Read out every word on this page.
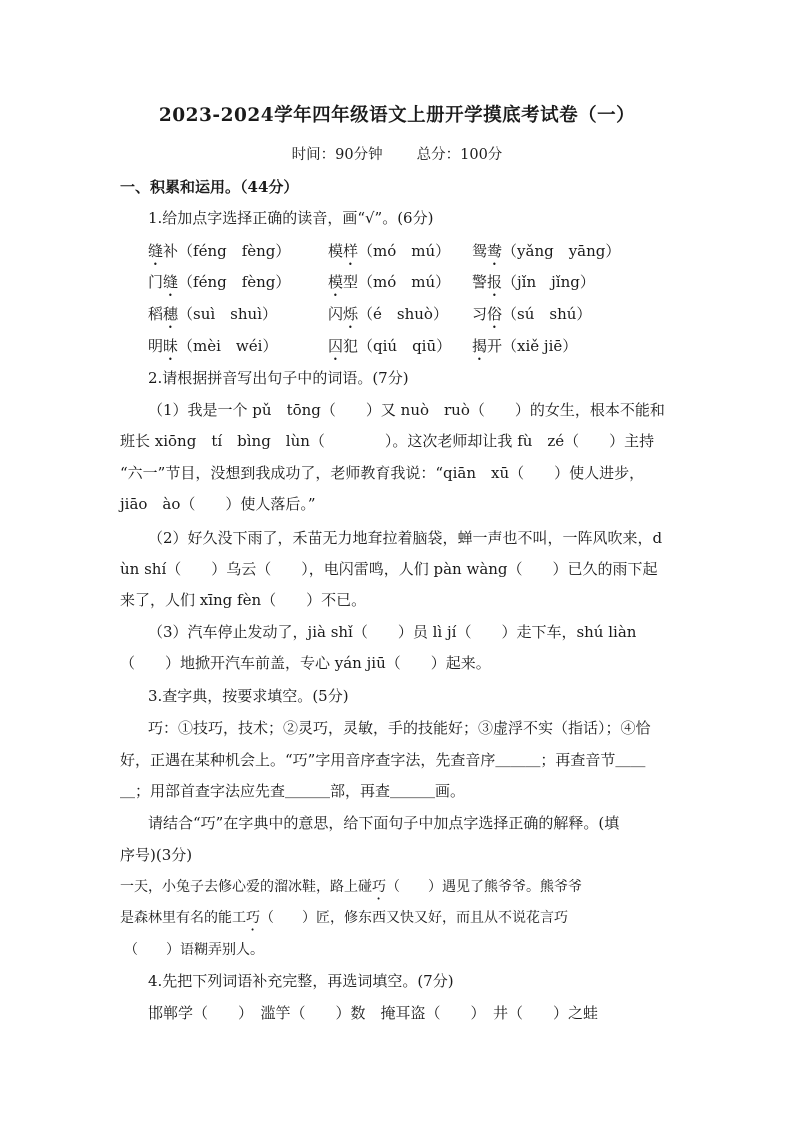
2023-2024学年四年级语文上册开学摸底考试卷（一）
时间：90分钟 总分：100分
一、积累和运用。（44分）
1.给加点字选择正确的读音，画“√”。(6分)
缝补（féng　fèng）	模样（mó　mú） 鸳鸯（yǎng　yāng）
门缝（féng　fèng）	模型（mó　mú） 警报（jǐn　jǐng）
稻穗（suì　shuì）	闪烁（é　shuò） 习俗（sú　shú）
明昧（mèi　wéi）	囚犯（qiú　qiū） 揭开（xiě jiē）
2.请根据拼音写出句子中的词语。(7分)
（1）我是一个 pǔ　tōng（　　）又 nuò　ruò（　　）的女生，根本不能和
班长 xiōng　tí　bìng　lùn（　　　　）。这次老师却让我 fù　zé（　　）主持
“六一”节目，没想到我成功了，老师教育我说：“qiān　xū（　　）使人进步，
jiāo　ào（　　）使人落后。”
（2）好久没下雨了，禾苗无力地耷拉着脑袋，蝉一声也不叫，一阵风吹来，d
ùn shí（　　）乌云（　　），电闪雷鸣，人们 pàn wàng（　　）已久的雨下起
来了，人们 xīng fèn（　　）不已。
（3）汽车停止发动了，jià shǐ（　　）员 lì jí（　　）走下车，shú liàn
（　　）地掀开汽车前盖，专心 yán jiū（　　）起来。
3.查字典，按要求填空。(5分)
巧：①技巧，技术；②灵巧，灵敏，手的技能好；③虚浮不实（指话）；④恰
好，正遇在某种机会上。“巧”字用音序查字法，先查音序＿＿＿；再查音节＿＿
＿；用部首查字法应先查＿＿＿部，再查＿＿＿画。
请结合“巧”在字典中的意思，给下面句子中加点字选择正确的解释。(填
序号)(3分)
一天，小兔子去修心爱的溜冰鞋，路上碰巧（　　）遇见了熊爷爷。熊爷爷
是森林里有名的能工巧（　　）匠，修东西又快又好，而且从不说花言巧
（　　）语糊弄别人。
4.先把下列词语补充完整，再选词填空。(7分)
邯郸学（　　）　滥竽（　　）数　掩耳盗（　　）　井（　　）之蛙
